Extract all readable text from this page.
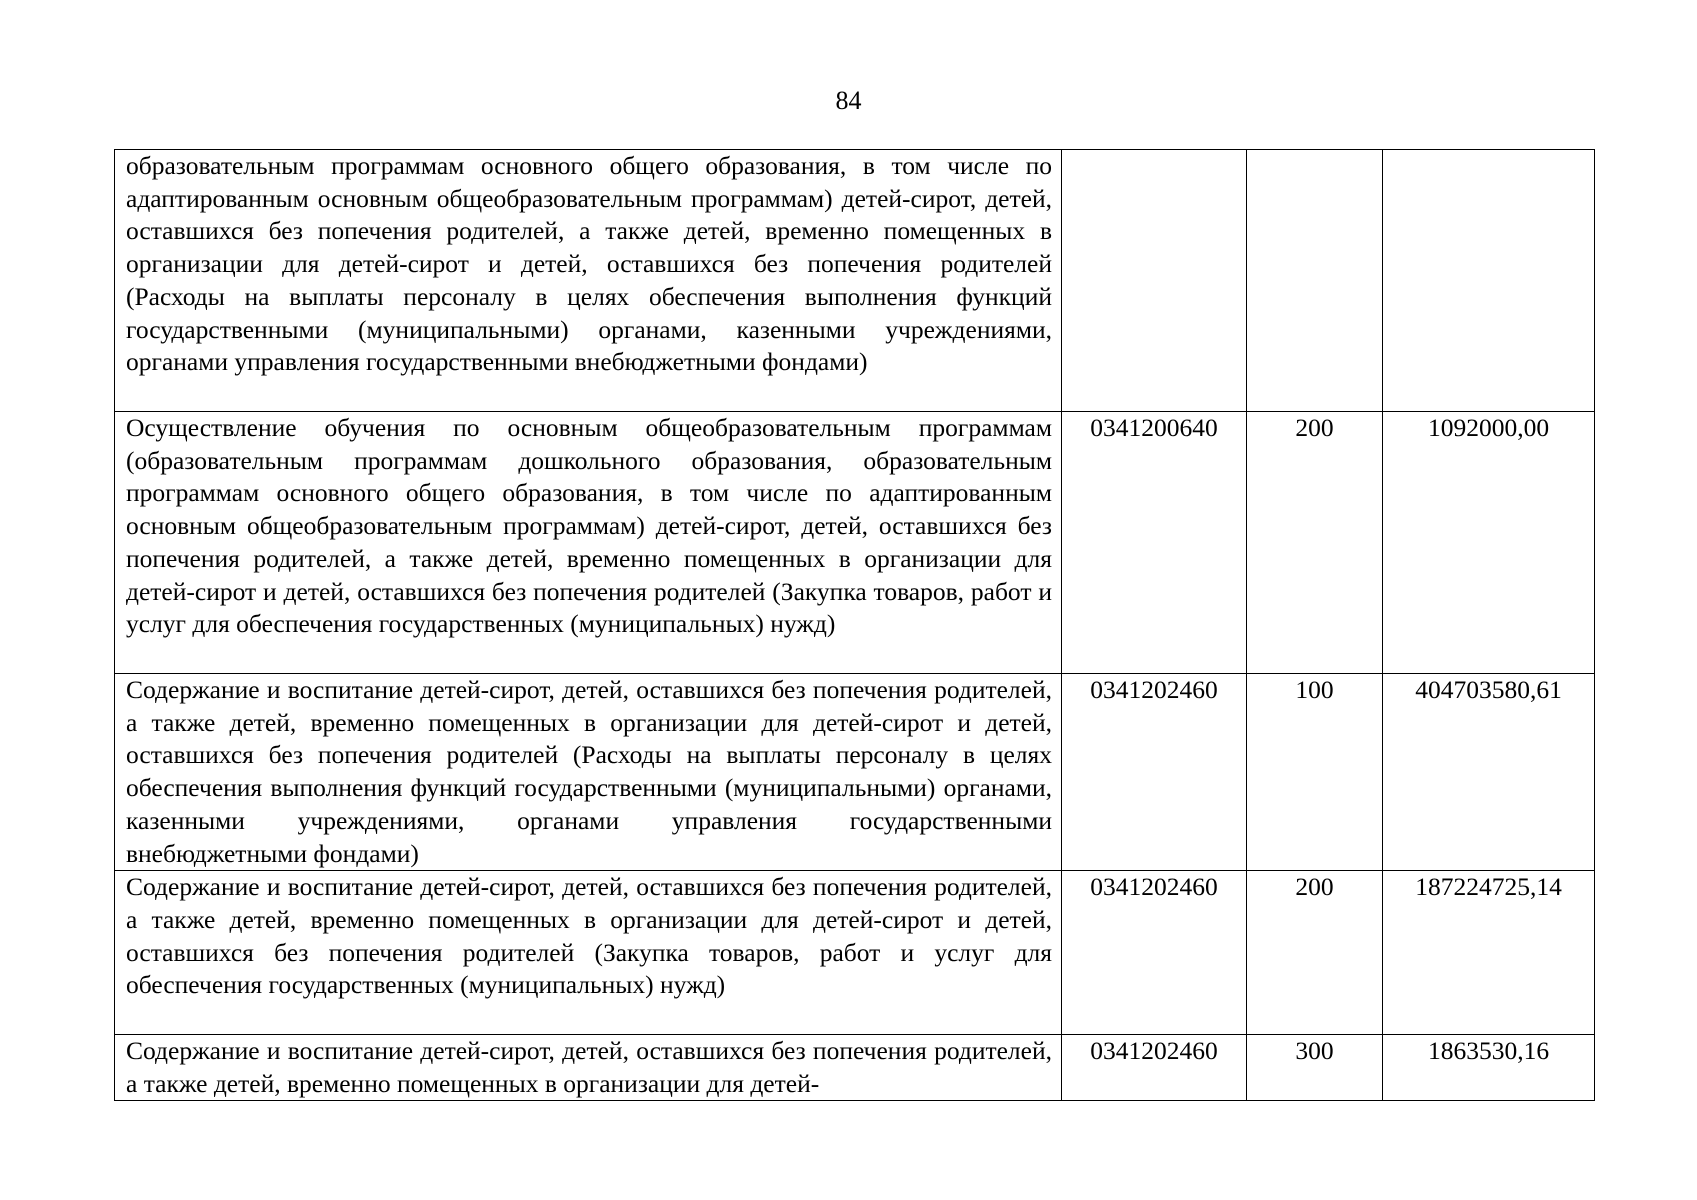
84
образовательным программам основного общего образования, в том числе по адаптированным основным общеобразовательным программам) детей-сирот, детей, оставшихся без попечения родителей, а также детей, временно помещенных в организации для детей-сирот и детей, оставшихся без попечения родителей (Расходы на выплаты персоналу в целях обеспечения выполнения функций государственными (муниципальными) органами, казенными учреждениями, органами управления государственными внебюджетными фондами)			
Осуществление обучения по основным общеобразовательным программам (образовательным программам дошкольного образования, образовательным программам основного общего образования, в том числе по адаптированным основным общеобразовательным программам) детей-сирот, детей, оставшихся без попечения родителей, а также детей, временно помещенных в организации для детей-сирот и детей, оставшихся без попечения родителей (Закупка товаров, работ и услуг для обеспечения государственных (муниципальных) нужд)	0341200640	200	1092000,00
Содержание и воспитание детей-сирот, детей, оставшихся без попечения родителей, а также детей, временно помещенных в организации для детей-сирот и детей, оставшихся без попечения родителей (Расходы на выплаты персоналу в целях обеспечения выполнения функций государственными (муниципальными) органами, казенными учреждениями, органами управления государственными внебюджетными фондами)	0341202460	100	404703580,61
Содержание и воспитание детей-сирот, детей, оставшихся без попечения родителей, а также детей, временно помещенных в организации для детей-сирот и детей, оставшихся без попечения родителей (Закупка товаров, работ и услуг для обеспечения государственных (муниципальных) нужд)	0341202460	200	187224725,14

Содержание и воспитание детей-сирот, детей, оставшихся без попечения родителей, а также детей, временно помещенных в организации для детей-	0341202460	300	1863530,16
